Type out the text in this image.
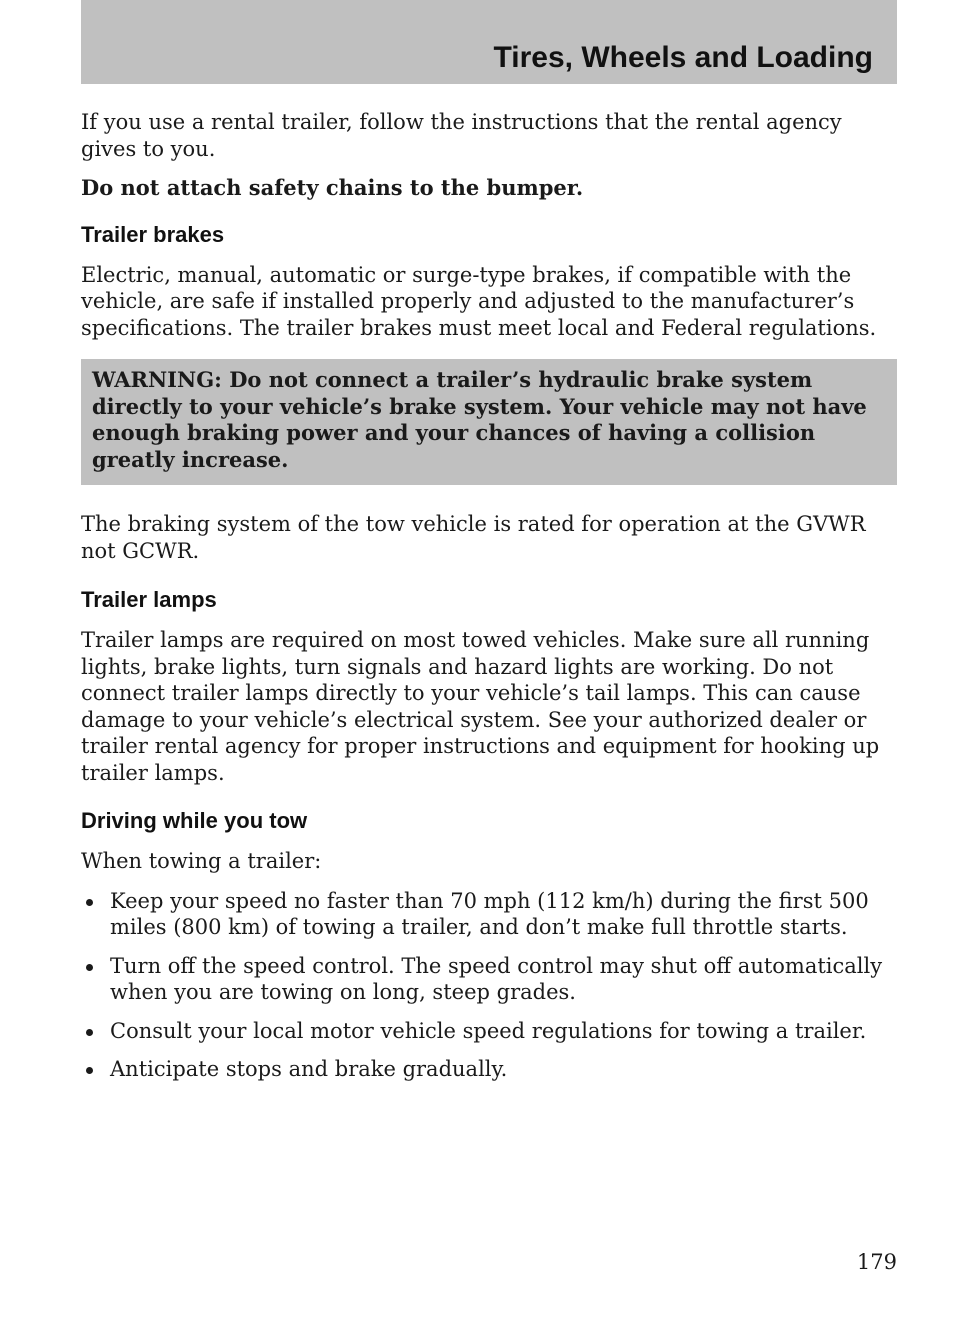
Tires, Wheels and Loading

If you use a rental trailer, follow the instructions that the rental agency gives to you.

Do not attach safety chains to the bumper.

Trailer brakes

Electric, manual, automatic or surge-type brakes, if compatible with the vehicle, are safe if installed properly and adjusted to the manufacturer’s specifications. The trailer brakes must meet local and Federal regulations.

WARNING: Do not connect a trailer’s hydraulic brake system directly to your vehicle’s brake system. Your vehicle may not have enough braking power and your chances of having a collision greatly increase.

The braking system of the tow vehicle is rated for operation at the GVWR not GCWR.

Trailer lamps

Trailer lamps are required on most towed vehicles. Make sure all running lights, brake lights, turn signals and hazard lights are working. Do not connect trailer lamps directly to your vehicle’s tail lamps. This can cause damage to your vehicle’s electrical system. See your authorized dealer or trailer rental agency for proper instructions and equipment for hooking up trailer lamps.

Driving while you tow

When towing a trailer:

Keep your speed no faster than 70 mph (112 km/h) during the first 500 miles (800 km) of towing a trailer, and don’t make full throttle starts.
Turn off the speed control. The speed control may shut off automatically when you are towing on long, steep grades.
Consult your local motor vehicle speed regulations for towing a trailer.
Anticipate stops and brake gradually.
179
